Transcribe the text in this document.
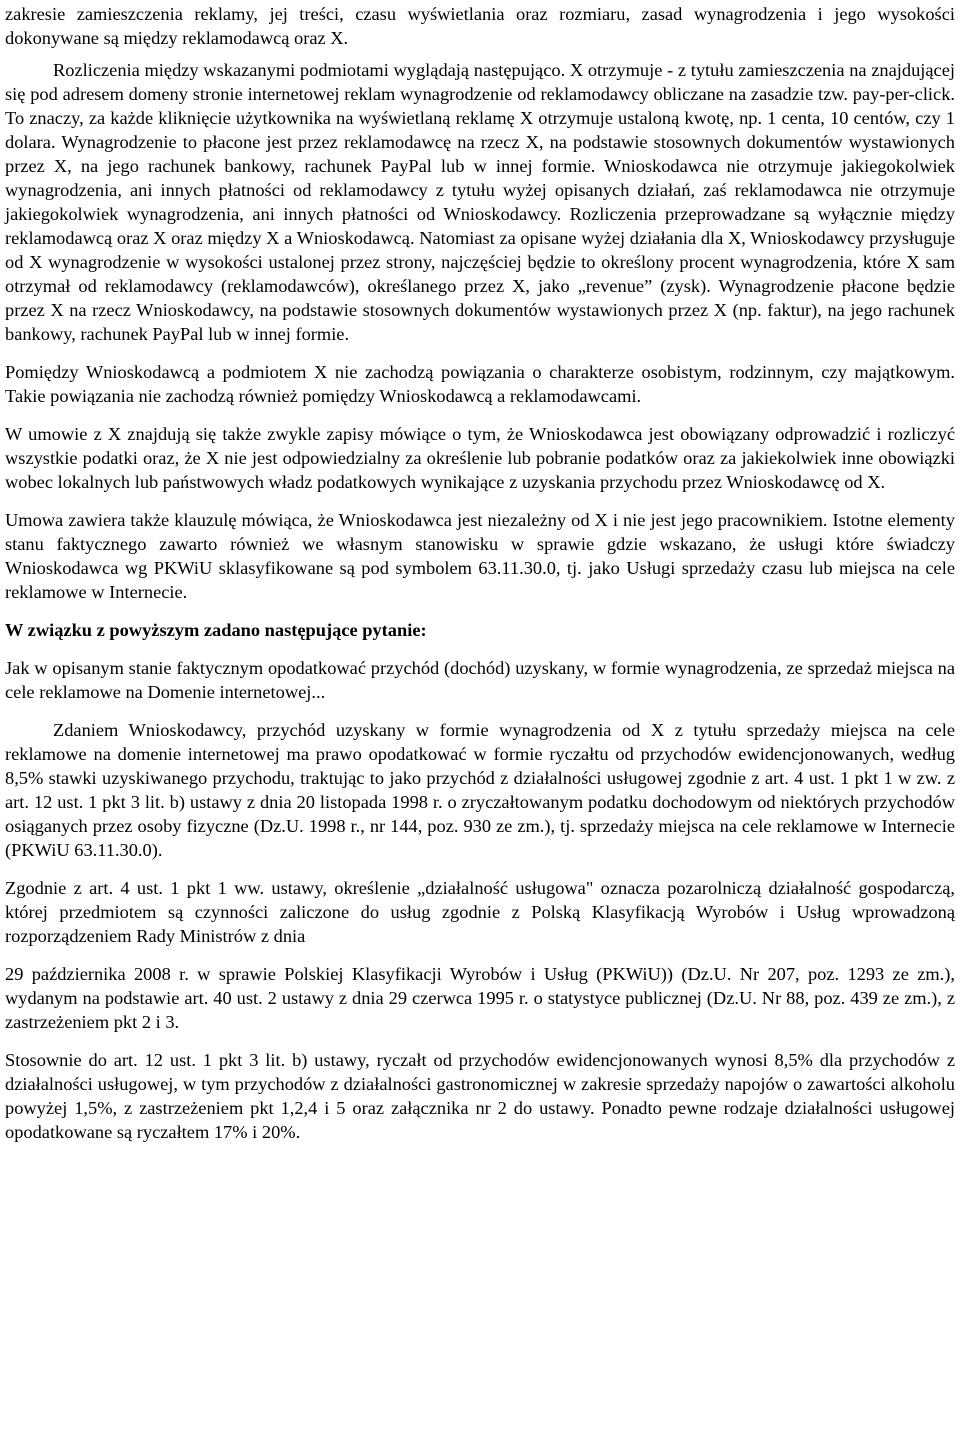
zakresie zamieszczenia reklamy, jej treści, czasu wyświetlania oraz rozmiaru, zasad wynagrodzenia i jego wysokości dokonywane są między reklamodawcą oraz X.

Rozliczenia między wskazanymi podmiotami wyglądają następująco. X otrzymuje - z tytułu zamieszczenia na znajdującej się pod adresem domeny stronie internetowej reklam wynagrodzenie od reklamodawcy obliczane na zasadzie tzw. pay-per-click. To znaczy, za każde kliknięcie użytkownika na wyświetlaną reklamę X otrzymuje ustaloną kwotę, np. 1 centa, 10 centów, czy 1 dolara. Wynagrodzenie to płacone jest przez reklamodawcę na rzecz X, na podstawie stosownych dokumentów wystawionych przez X, na jego rachunek bankowy, rachunek PayPal lub w innej formie. Wnioskodawca nie otrzymuje jakiegokolwiek wynagrodzenia, ani innych płatności od reklamodawcy z tytułu wyżej opisanych działań, zaś reklamodawca nie otrzymuje jakiegokolwiek wynagrodzenia, ani innych płatności od Wnioskodawcy. Rozliczenia przeprowadzane są wyłącznie między reklamodawcą oraz X oraz między X a Wnioskodawcą. Natomiast za opisane wyżej działania dla X, Wnioskodawcy przysługuje od X wynagrodzenie w wysokości ustalonej przez strony, najczęściej będzie to określony procent wynagrodzenia, które X sam otrzymał od reklamodawcy (reklamodawców), określanego przez X, jako „revenue” (zysk). Wynagrodzenie płacone będzie przez X na rzecz Wnioskodawcy, na podstawie stosownych dokumentów wystawionych przez X (np. faktur), na jego rachunek bankowy, rachunek PayPal lub w innej formie.

Pomiędzy Wnioskodawcą a podmiotem X nie zachodzą powiązania o charakterze osobistym, rodzinnym, czy majątkowym. Takie powiązania nie zachodzą również pomiędzy Wnioskodawcą a reklamodawcami.

W umowie z X znajdują się także zwykle zapisy mówiące o tym, że Wnioskodawca jest obowiązany odprowadzić i rozliczyć wszystkie podatki oraz, że X nie jest odpowiedzialny za określenie lub pobranie podatków oraz za jakiekolwiek inne obowiązki wobec lokalnych lub państwowych władz podatkowych wynikające z uzyskania przychodu przez Wnioskodawcę od X.

Umowa zawiera także klauzulę mówiąca, że Wnioskodawca jest niezależny od X i nie jest jego pracownikiem. Istotne elementy stanu faktycznego zawarto również we własnym stanowisku w sprawie gdzie wskazano, że usługi które świadczy Wnioskodawca wg PKWiU sklasyfikowane są pod symbolem 63.11.30.0, tj. jako Usługi sprzedaży czasu lub miejsca na cele reklamowe w Internecie.

W związku z powyższym zadano następujące pytanie:

Jak w opisanym stanie faktycznym opodatkować przychód (dochód) uzyskany, w formie wynagrodzenia, ze sprzedaż miejsca na cele reklamowe na Domenie internetowej...

Zdaniem Wnioskodawcy, przychód uzyskany w formie wynagrodzenia od X z tytułu sprzedaży miejsca na cele reklamowe na domenie internetowej ma prawo opodatkować w formie ryczałtu od przychodów ewidencjonowanych, według 8,5% stawki uzyskiwanego przychodu, traktując to jako przychód z działalności usługowej zgodnie z art. 4 ust. 1 pkt 1 w zw. z art. 12 ust. 1 pkt 3 lit. b) ustawy z dnia 20 listopada 1998 r. o zryczałtowanym podatku dochodowym od niektórych przychodów osiąganych przez osoby fizyczne (Dz.U. 1998 r., nr 144, poz. 930 ze zm.), tj. sprzedaży miejsca na cele reklamowe w Internecie (PKWiU 63.11.30.0).

Zgodnie z art. 4 ust. 1 pkt 1 ww. ustawy, określenie „działalność usługowa" oznacza pozarolniczą działalność gospodarczą, której przedmiotem są czynności zaliczone do usług zgodnie z Polską Klasyfikacją Wyrobów i Usług wprowadzoną rozporządzeniem Rady Ministrów z dnia

29 października 2008 r. w sprawie Polskiej Klasyfikacji Wyrobów i Usług (PKWiU)) (Dz.U. Nr 207, poz. 1293 ze zm.), wydanym na podstawie art. 40 ust. 2 ustawy z dnia 29 czerwca 1995 r. o statystyce publicznej (Dz.U. Nr 88, poz. 439 ze zm.), z zastrzeżeniem pkt 2 i 3.

Stosownie do art. 12 ust. 1 pkt 3 lit. b) ustawy, ryczałt od przychodów ewidencjonowanych wynosi 8,5% dla przychodów z działalności usługowej, w tym przychodów z działalności gastronomicznej w zakresie sprzedaży napojów o zawartości alkoholu powyżej 1,5%, z zastrzeżeniem pkt 1,2,4 i 5 oraz załącznika nr 2 do ustawy. Ponadto pewne rodzaje działalności usługowej opodatkowane są ryczałtem 17% i 20%.
